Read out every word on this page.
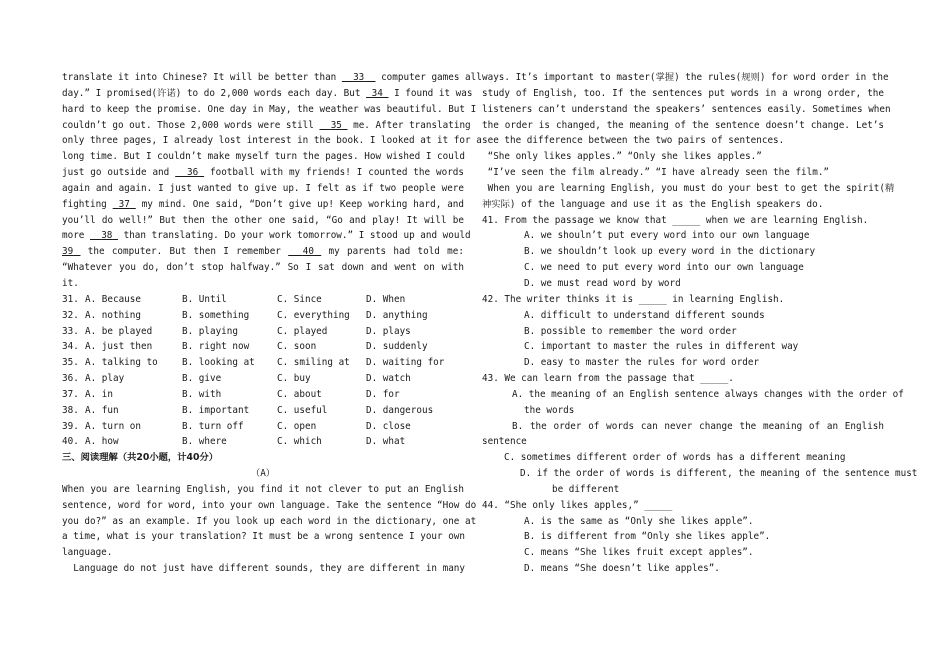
translate it into Chinese? It will be better than   33   computer games all
day.” I promised(许诺) to do 2,000 words each day. But  34  I found it was
hard to keep the promise. One day in May, the weather was beautiful. But I
couldn’t go out. Those 2,000 words were still   35  me. After translating
only three pages, I already lost interest in the book. I looked at it for a
long time. But I couldn’t make myself turn the pages. How wished I could
just go outside and   36  football with my friends! I counted the words
again and again. I just wanted to give up. I felt as if two people were
fighting  37  my mind. One said, “Don’t give up! Keep working hard, and
you’ll do well!” But then the other one said, “Go and play! It will be
more   38  than translating. Do your work tomorrow.” I stood up and would
39  the computer. But then I remember   40  my parents had told me:
“Whatever you do, don’t stop halfway.” So I sat down and went on with
it.
31. A. Because	B. Until	C. Since	D. When
32. A. nothing	B. something	C. everything	D. anything
33. A. be played	B. playing	C. played	D. plays
34. A. just then	B. right now	C. soon	D. suddenly
35. A. talking to	B. looking at	C. smiling at	D. waiting for
36. A. play	B. give	C. buy	D. watch
37. A. in	B. with	C. about	D. for
38. A. fun	B. important	C. useful	D. dangerous
39. A. turn on	B. turn off	C. open	D. close
40. A. how	B. where	C. which	D. what
三、阅读理解（共20小题，计40分）
（A）
When you are learning English, you find it not clever to put an English
sentence, word for word, into your own language. Take the sentence “How do
you do?” as an example. If you look up each word in the dictionary, one at
a time, what is your translation? It must be a wrong sentence I your own
language.
Language do not just have different sounds, they are different in many
ways. It’s important to master(掌握) the rules(规则) for word order in the
study of English, too. If the sentences put words in a wrong order, the
listeners can’t understand the speakers’ sentences easily. Sometimes when
the order is changed, the meaning of the sentence doesn’t change. Let’s
see the difference between the two pairs of sentences.
“She only likes apples.” “Only she likes apples.”
“I’ve seen the film already.” “I have already seen the film.”
When you are learning English, you must do your best to get the spirit(精
神实际) of the language and use it as the English speakers do.
41. From the passage we know that _____ when we are learning English.
A. we shouln’t put every word into our own language
B. we shouldn’t look up every word in the dictionary
C. we need to put every word into our own language
D. we must read word by word
42. The writer thinks it is _____ in learning English.
A. difficult to understand different sounds
B. possible to remember the word order
C. important to master the rules in different way
D. easy to master the rules for word order
43. We can learn from the passage that _____.
A. the meaning of an English sentence always changes with the order of
the words
B. the order of words can never change the meaning of an English
sentence
C. sometimes different order of words has a different meaning
D. if the order of words is different, the meaning of the sentence must
be different
44. “She only likes apples,” _____
A. is the same as “Only she likes apple”.
B. is different from “Only she likes apple”.
C. means “She likes fruit except apples”.
D. means “She doesn’t like apples”.
